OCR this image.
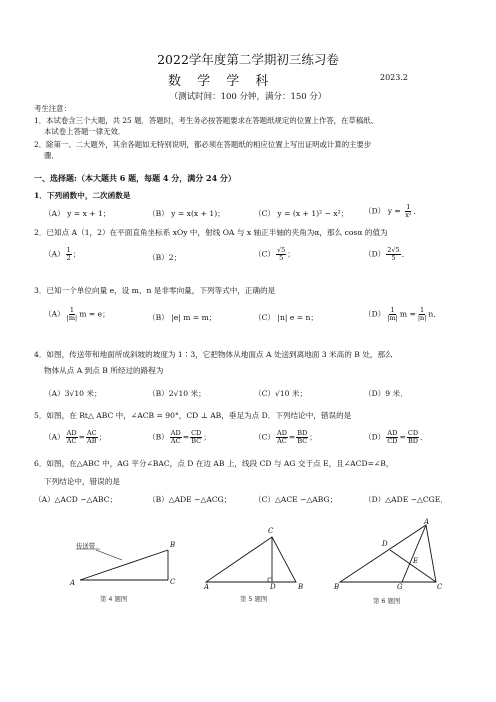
2022学年度第二学期初三练习卷
数 学 学 科	2023.2
（测试时间：100 分钟，满分：150 分）
考生注意：
1．本试卷含三个大题，共 25 题．答题时，考生务必按答题要求在答题纸规定的位置上作答，在草稿纸、
本试卷上答题一律无效．
2．除第一、二大题外，其余各题如无特别说明，都必须在答题纸的相应位置上写出证明或计算的主要步
骤．
一、选择题:（本大题共 6 题，每题 4 分，满分 24 分）
1．下列函数中，二次函数是
（A） y = x + 1；	（B） y = x(x + 1)；	（C） y = (x + 1)² − x²； （D） $y = \frac{1}{\text{x²}}$ ．
2．已知点 A（1，2）在平面直角坐标系 xOy 中，射线 OA 与 x 轴正半轴的夹角为α，那么 cosα 的值为
$(A) \frac{1}{2}$ ；	（B）2；	$(C) \frac{√5}{5}$ ；	$(D) \frac{2√5}{5}$ ．
3．已知一个单位向量 e，设 m、n 是非零向量，下列等式中，正确的是
$(A) \frac{1}{|m|}$ m = e；	（B） |e| m = m；	（C） |n| e = n；	$(D) \frac{1}{|m|}$ $m = \frac{1}{|n|}$ n．
4．如图，传送带和地面所成斜坡的坡度为 1∶3，它把物体从地面点 A 处送到离地面 3 米高的 B 处，那么
物体从点 A 到点 B 所经过的路程为
（A）3√10 米；	（B）2√10 米；	（C）√10 米；	（D）9 米．
5．如图，在 Rt△ ABC 中，∠ACB = 90°，CD ⊥ AB，垂足为点 D．下列结论中，错误的是
$(A) \frac{AD}{AC} = \frac{AC}{AB}$ ；	$(B) \frac{AD}{AC} = \frac{CD}{BC}$ ；	$(C) \frac{AD}{AC} = \frac{BD}{BC}$ ；	$(D) \frac{AD}{CD} = \frac{CD}{BD}$ ．
6．如图，在△ABC 中，AG 平分∠BAC，点 D 在边 AB 上，线段 CD 与 AG 交于点 E，且∠ACD=∠B，
下列结论中，错误的是
（A）△ACD ∽△ABC；	（B）△ADE ∽△ACG；	（C）△ACE ∽△ABG；	（D）△ADE ∽△CGE．
传送带
A
B
C
第 4 题图
A	B
C
D
第 5 题图
A
B	C
D
E
G
第 6 题图
